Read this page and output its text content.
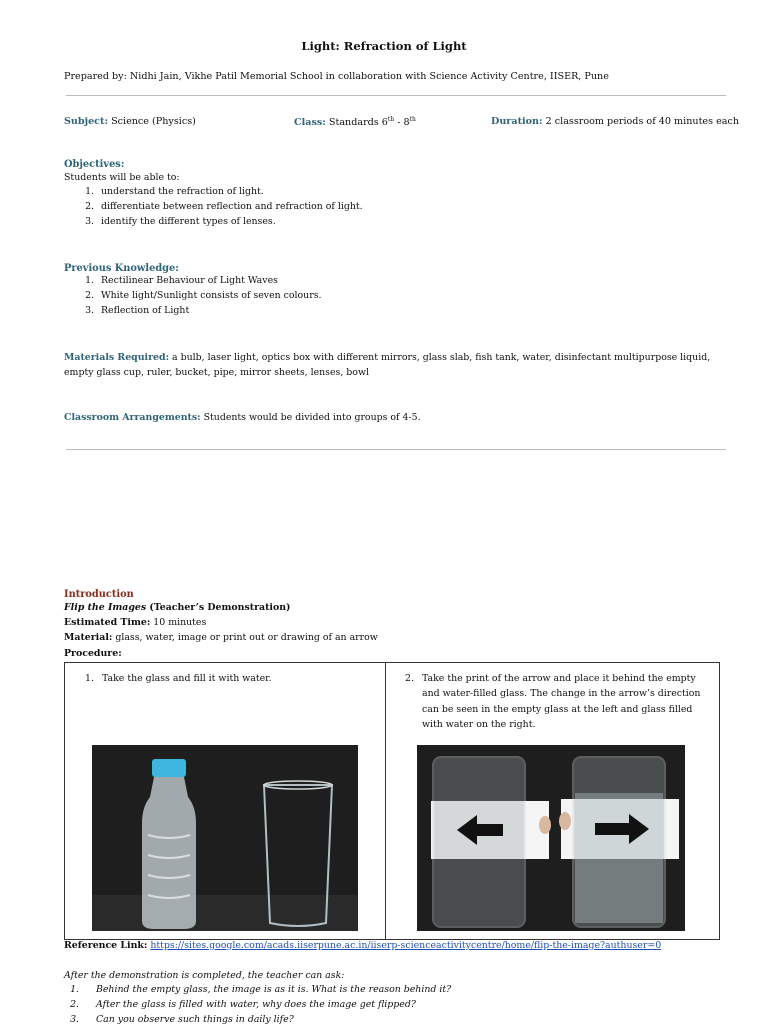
Light: Refraction of Light
Prepared by: Nidhi Jain, Vikhe Patil Memorial School in collaboration with Science Activity Centre, IISER, Pune
Subject: Science (Physics)	Class: Standards 6th - 8th	Duration: 2 classroom periods of 40 minutes each
Objectives:
Students will be able to:
1. understand the refraction of light.
2. differentiate between reflection and refraction of light.
3. identify the different types of lenses.
Previous Knowledge:
1. Rectilinear Behaviour of Light Waves
2. White light/Sunlight consists of seven colours.
3. Reflection of Light
Materials Required: a bulb, laser light, optics box with different mirrors, glass slab, fish tank, water, disinfectant multipurpose liquid, empty glass cup, ruler, bucket, pipe, mirror sheets, lenses, bowl
Classroom Arrangements: Students would be divided into groups of 4-5.
Introduction
Flip the Images (Teacher’s Demonstration)
Estimated Time: 10 minutes
Material: glass, water, image or print out or drawing of an arrow
Procedure:
1. Take the glass and fill it with water.	2. Take the print of the arrow and place it behind the empty and water-filled glass. The change in the arrow’s direction can be seen in the empty glass at the left and glass filled with water on the right.
Reference Link: https://sites.google.com/acads.iiserpune.ac.in/iiserp-scienceactivitycentre/home/flip-the-image?authuser=0
After the demonstration is completed, the teacher can ask:
1. Behind the empty glass, the image is as it is. What is the reason behind it?
2. After the glass is filled with water, why does the image get flipped?
3. Can you observe such things in daily life?
